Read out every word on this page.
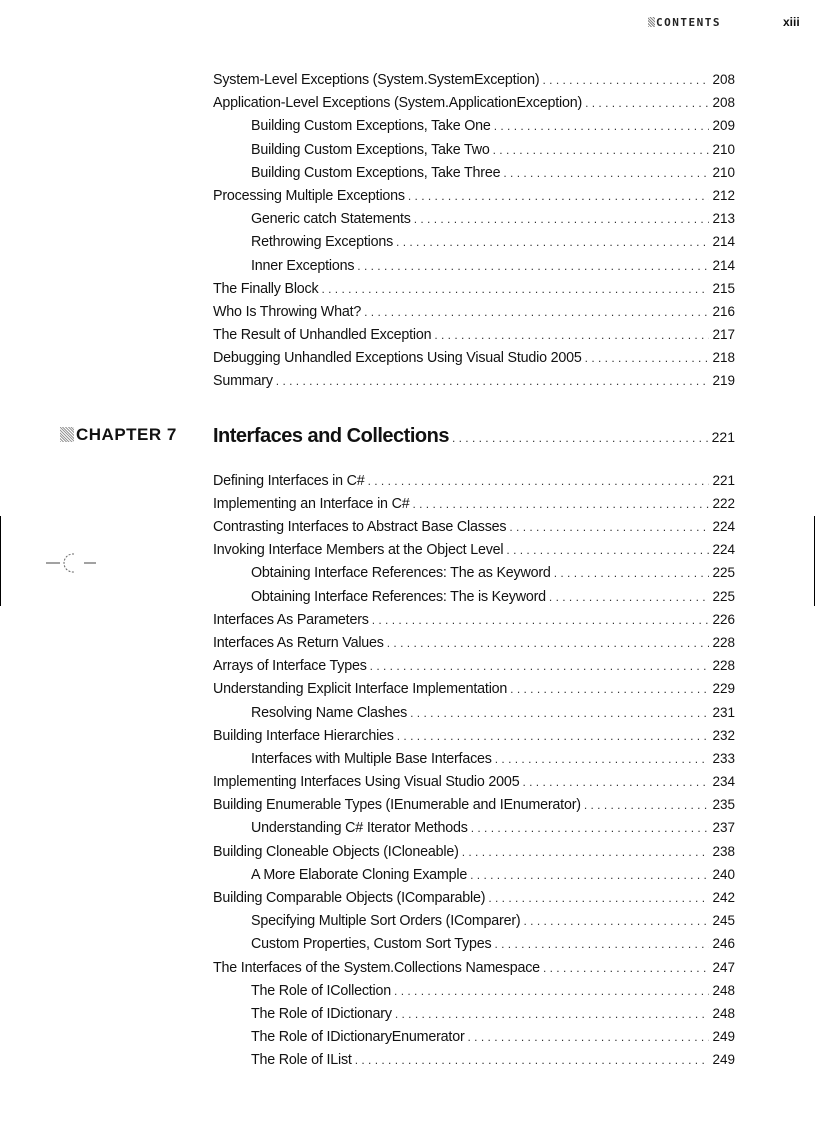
CONTENTS	xiii
CHAPTER 7
System-Level Exceptions (System.SystemException) . . .	208
Application-Level Exceptions (System.ApplicationException) . . .	208
Building Custom Exceptions, Take One . . .	209
Building Custom Exceptions, Take Two . . .	210
Building Custom Exceptions, Take Three . . .	210
Processing Multiple Exceptions . . .	212
Generic catch Statements . . .	213
Rethrowing Exceptions . . .	214
Inner Exceptions . . .	214
The Finally Block . . .	215
Who Is Throwing What? . . .	216
The Result of Unhandled Exception . . .	217
Debugging Unhandled Exceptions Using Visual Studio 2005 . . .	218
Summary . . .	219
Interfaces and Collections . . .	221
Defining Interfaces in C# . . .	221
Implementing an Interface in C# . . .	222
Contrasting Interfaces to Abstract Base Classes . . .	224
Invoking Interface Members at the Object Level . . .	224
Obtaining Interface References: The as Keyword . . .	225
Obtaining Interface References: The is Keyword . . .	225
Interfaces As Parameters . . .	226
Interfaces As Return Values . . .	228
Arrays of Interface Types . . .	228
Understanding Explicit Interface Implementation . . .	229
Resolving Name Clashes . . .	231
Building Interface Hierarchies . . .	232
Interfaces with Multiple Base Interfaces . . .	233
Implementing Interfaces Using Visual Studio 2005 . . .	234
Building Enumerable Types (IEnumerable and IEnumerator) . . .	235
Understanding C# Iterator Methods . . .	237
Building Cloneable Objects (ICloneable) . . .	238
A More Elaborate Cloning Example . . .	240
Building Comparable Objects (IComparable) . . .	242
Specifying Multiple Sort Orders (IComparer) . . .	245
Custom Properties, Custom Sort Types . . .	246
The Interfaces of the System.Collections Namespace . . .	247
The Role of ICollection . . .	248
The Role of IDictionary . . .	248
The Role of IDictionaryEnumerator . . .	249
The Role of IList . . .	249
